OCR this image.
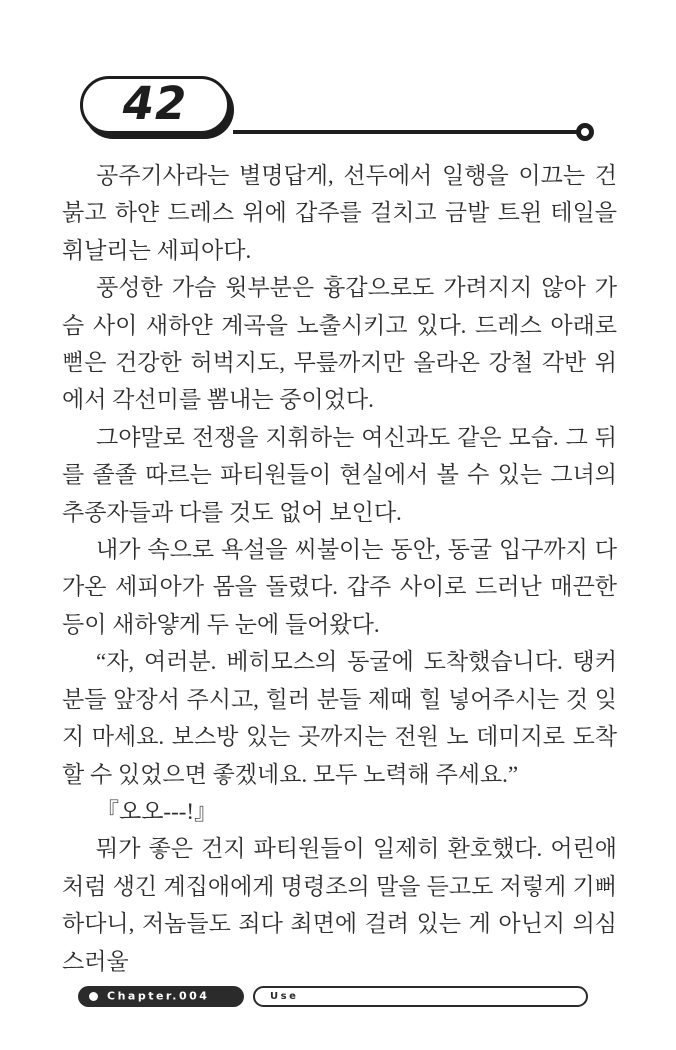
42

공주기사라는 별명답게, 선두에서 일행을 이끄는 건 붉고 하얀 드레스 위에 갑주를 걸치고 금발 트윈 테일을 휘날리는 세피아다.

풍성한 가슴 윗부분은 흉갑으로도 가려지지 않아 가슴 사이 새하얀 계곡을 노출시키고 있다. 드레스 아래로 뻗은 건강한 허벅지도, 무릎까지만 올라온 강철 각반 위에서 각선미를 뽐내는 중이었다.

그야말로 전쟁을 지휘하는 여신과도 같은 모습. 그 뒤를 졸졸 따르는 파티원들이 현실에서 볼 수 있는 그녀의 추종자들과 다를 것도 없어 보인다.

내가 속으로 욕설을 씨불이는 동안, 동굴 입구까지 다가온 세피아가 몸을 돌렸다. 갑주 사이로 드러난 매끈한 등이 새하얗게 두 눈에 들어왔다.

“자, 여러분. 베히모스의 동굴에 도착했습니다. 탱커 분들 앞장서 주시고, 힐러 분들 제때 힐 넣어주시는 것 잊지 마세요. 보스방 있는 곳까지는 전원 노 데미지로 도착할 수 있었으면 좋겠네요. 모두 노력해 주세요.”

『오오---!』

뭐가 좋은 건지 파티원들이 일제히 환호했다. 어린애처럼 생긴 계집애에게 명령조의 말을 듣고도 저렇게 기뻐하다니, 저놈들도 죄다 최면에 걸려 있는 게 아닌지 의심스러울

Chapter.004	Use
